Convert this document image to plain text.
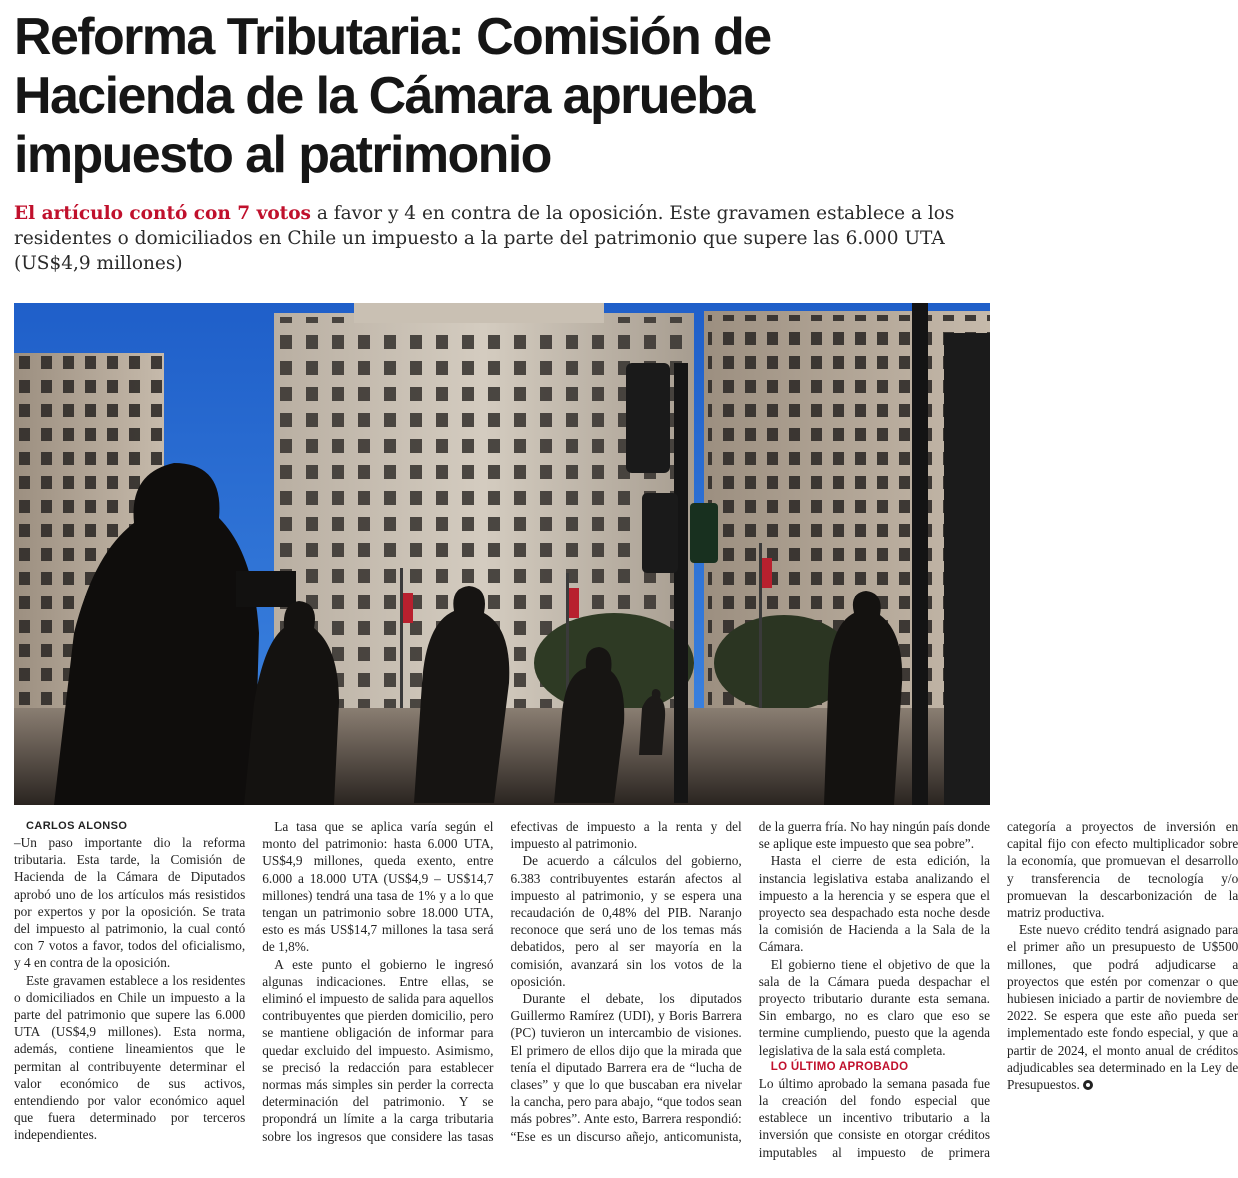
Reforma Tributaria: Comisión de Hacienda de la Cámara aprueba impuesto al patrimonio

El artículo contó con 7 votos a favor y 4 en contra de la oposición. Este gravamen establece a los residentes o domiciliados en Chile un impuesto a la parte del patrimonio que supere las 6.000 UTA (US$4,9 millones)

CARLOS ALONSO

–Un paso importante dio la reforma tributaria. Esta tarde, la Comisión de Hacienda de la Cámara de Diputados aprobó uno de los artículos más resistidos por expertos y por la oposición. Se trata del impuesto al patrimonio, la cual contó con 7 votos a favor, todos del oficialismo, y 4 en contra de la oposición.

Este gravamen establece a los residentes o domiciliados en Chile un impuesto a la parte del patrimonio que supere las 6.000 UTA (US$4,9 millones). Esta norma, además, contiene lineamientos que le permitan al contribuyente determinar el valor económico de sus activos, entendiendo por valor económico aquel que fuera determinado por terceros independientes.

La tasa que se aplica varía según el monto del patrimonio: hasta 6.000 UTA, US$4,9 millones, queda exento, entre 6.000 a 18.000 UTA (US$4,9 – US$14,7 millones) tendrá una tasa de 1% y a lo que tengan un patrimonio sobre 18.000 UTA, esto es más US$14,7 millones la tasa será de 1,8%.

A este punto el gobierno le ingresó algunas indicaciones. Entre ellas, se eliminó el impuesto de salida para aquellos contribuyentes que pierden domicilio, pero se mantiene obligación de informar para quedar excluido del impuesto. Asimismo, se precisó la redacción para establecer normas más simples sin perder la correcta determinación del patrimonio. Y se propondrá un límite a la carga tributaria sobre los ingresos que considere las tasas efectivas de impuesto a la renta y del impuesto al patrimonio.

De acuerdo a cálculos del gobierno, 6.383 contribuyentes estarán afectos al impuesto al patrimonio, y se espera una recaudación de 0,48% del PIB. Naranjo reconoce que será uno de los temas más debatidos, pero al ser mayoría en la comisión, avanzará sin los votos de la oposición.

Durante el debate, los diputados Guillermo Ramírez (UDI), y Boris Barrera (PC) tuvieron un intercambio de visiones. El primero de ellos dijo que la mirada que tenía el diputado Barrera era de “lucha de clases” y que lo que buscaban era nivelar la cancha, pero para abajo, “que todos sean más pobres”. Ante esto, Barrera respondió: “Ese es un discurso añejo, anticomunista, de la guerra fría. No hay ningún país donde se aplique este impuesto que sea pobre”.

Hasta el cierre de esta edición, la instancia legislativa estaba analizando el impuesto a la herencia y se espera que el proyecto sea despachado esta noche desde la comisión de Hacienda a la Sala de la Cámara.

El gobierno tiene el objetivo de que la sala de la Cámara pueda despachar el proyecto tributario durante esta semana. Sin embargo, no es claro que eso se termine cumpliendo, puesto que la agenda legislativa de la sala está completa.

LO ÚLTIMO APROBADO

Lo último aprobado la semana pasada fue la creación del fondo especial que establece un incentivo tributario a la inversión que consiste en otorgar créditos imputables al impuesto de primera categoría a proyectos de inversión en capital fijo con efecto multiplicador sobre la economía, que promuevan el desarrollo y transferencia de tecnología y/o promuevan la descarbonización de la matriz productiva.

Este nuevo crédito tendrá asignado para el primer año un presupuesto de U$500 millones, que podrá adjudicarse a proyectos que estén por comenzar o que hubiesen iniciado a partir de noviembre de 2022. Se espera que este año pueda ser implementado este fondo especial, y que a partir de 2024, el monto anual de créditos adjudicables sea determinado en la Ley de Presupuestos.
